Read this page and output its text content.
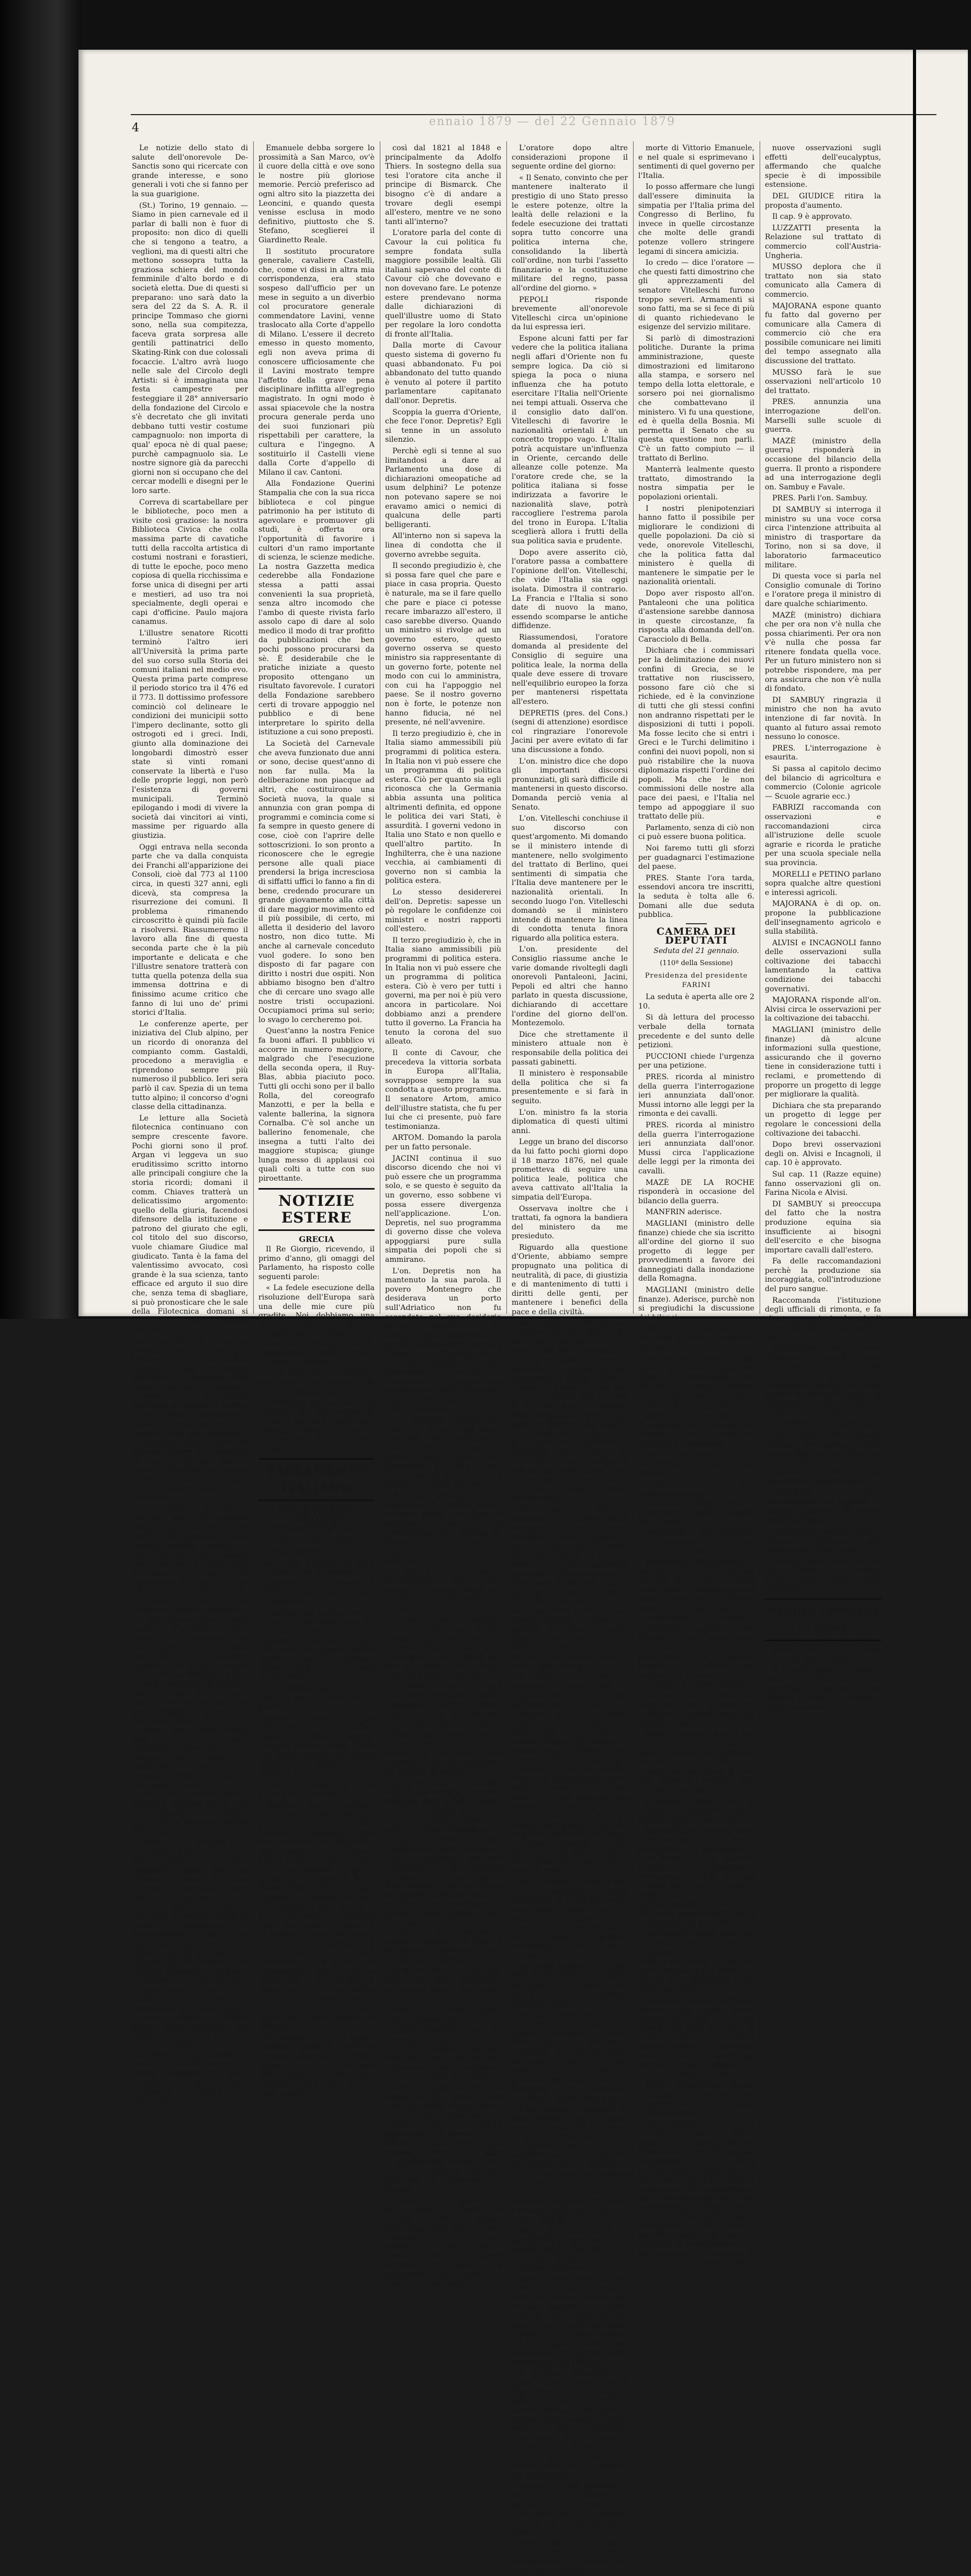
4	ennaio 1879 — del 22 Gennaio 1879

Le notizie dello stato di salute dell'onorevole De-Sanctis sono qui ricercate con grande interesse, e sono generali i voti che si fanno per la sua guarigione.

(St.) Torino, 19 gennaio. — Siamo in pien carnevale ed il parlar di balli non è fuor di proposito: non dico di quelli che si tengono a teatro, a veglioni, ma di questi altri che mettono sossopra tutta la graziosa schiera del mondo femminile d'alto bordo e di società eletta. Due di questi si preparano: uno sarà dato la sera del 22 da S. A. R. il principe Tommaso che giorni sono, nella sua compitezza, faceva grata sorpresa alle gentili pattinatrici dello Skating-Rink con due colossali focaccie. L'altro avrà luogo nelle sale del Circolo degli Artisti: si è immaginata una festa campestre per festeggiare il 28° anniversario della fondazione del Circolo e s'è decretato che gli invitati debbano tutti vestir costume campagnuolo: non importa di qual' epoca nè di qual paese; purchè campagnuolo sia. Le nostre signore già da parecchi giorni non si occupano che del cercar modelli e disegni per le loro sarte.

Correva di scartabellare per le biblioteche, poco men a visite così graziose: la nostra Biblioteca Civica che colla massima parte di cavatiche tutti della raccolta artistica di costumi nostrani e forastieri, di tutte le epoche, poco meno copiosa di quella ricchissima e forse unica di disegni per arti e mestieri, ad uso tra noi specialmente, degli operai e capi d'officine. Paulo majora canamus.

L'illustre senatore Ricotti terminò l'altro ieri all'Università la prima parte del suo corso sulla Storia dei comuni italiani nel medio evo. Questa prima parte comprese il periodo storico tra il 476 ed il 773. Il dottissimo professore cominciò col delineare le condizioni dei municipii sotto l'impero declinante, sotto gli ostrogoti ed i greci. Indi, giunto alla dominazione dei longobardi dimostrò esser state sì vinti romani conservate la libertà e l'uso delle proprie leggi, non però l'esistenza di governi municipali. Terminò epilogando i modi di vivere la società dai vincitori ai vinti, massime per riguardo alla giustizia.

Oggi entrava nella seconda parte che va dalla conquista dei Franchi all'apparizione dei Consoli, cioè dal 773 al 1100 circa, in questi 327 anni, egli dicevà, sta compresa la risurrezione dei comuni. Il problema rimanendo circoscritto è quindi più facile a risolversi. Riassumeremo il lavoro alla fine di questa seconda parte che è la più importante e delicata e che l'illustre senatore tratterà con tutta quella potenza della sua immensa dottrina e di finissimo acume critico che fanno di lui uno de' primi storici d'Italia.

Le conferenze aperte, per iniziativa del Club alpino, per un ricordo di onoranza del compianto comm. Gastaldi, procedono a meraviglia e riprendono sempre più numeroso il pubblico. Ieri sera parlò il cav. Spezia di un tema tutto alpino; il concorso d'ogni classe della cittadinanza.

Le letture alla Società filotecnica continuano con sempre crescente favore. Pochi giorni sono il prof. Argan vi leggeva un suo eruditissimo scritto intorno alle principali congiure che la storia ricordi; domani il comm. Chiaves tratterà un delicatissimo argomento: quello della giuria, facendosi difensore della istituzione e patrono del giurato che egli, col titolo del suo discorso, vuole chiamare Giudice mal giudicato. Tanta è la fama del valentissimo avvocato, così grande è la sua scienza, tanto efficace ed arguto il suo dire che, senza tema di sbagliare, si può pronosticare che le sale della Filotecnica domani si troveranno troppo angusto per l'uditorio.

Domani, 20 fia le sue prime prove, in una festicciola per l'inaugurazione della Cassa pensionati fra caffettieri, confettieri e liquoristi, una banda musicale di sessanta professori, organizzata dall'Amministrazione sociale di detta Cassa. Concerto alle Scribe, inaugurazione della bandiera che sarà presentata al sindaco, distribuzione di diplomi d'onore e... (s'intende che va da sè) gran pranzo sociale. Direttore di questa banda che vuol far meraviglie è il bravissimo maestro G. Conterno.

(X) Venezia, 20 gennaio. — Parlarvi oggi del discorso tenuto una settimana fa dall'on. Maurogònato a' suoi elettori sarebbe proprio un voler arrivare con l'ultima corsa. Voi avete già avuto agio di leggerne il testo e di apprezzare il valore. Io mi limito a dirvi che l'impressione ricevutane dal numeroso uditorio fu ottima e che quel discorso parve, così a quelli che l'ascoltarono, come a quelli che lo lessero poi, uno tra i migliori, tra i più lucidi pronunziati dall'egregio deputato che si può vantare sempre tanta chiarezza d'idee e tanta perspicuità di forma. Il Maurogònato non cerca l'effetto con le frasi sonore; in sua limpida parola è l'estrinsecazione di un luminoso buon senso. Molte delle sue argomentazioni sembrano tanto piane ed evidenti, che talvolta si giurerebbe d'averla già pensata prima ch'egli le esponesse. Fatto si è che non le si aveva pensate punto, perchè le migliori verità e le più semplici sono spesso quelle che si affacciano ultime alla mente.

Continuano i progetti e le discussioni sulla collocazione del monumento a Vittorio Emanuele. Adesso c'è una corrente favorevole al Campo S. Stefano, rafforzata, a quel che sembra, dall'idea che la scelta di quel sito potrebbe agevolare un lavoro edilizio di grande importanza e d'incontestabile utilità, la costruzione cioè di un'ampia e comoda strada che mettesse appunto da S. Marco a S. Stefano, scostando le angustie e tortuose vie che ci sono presentemente. Io non appiano con chi propone la costruzione di questa strada, sebbene si possa fare senza troppo grave sacrificio del comune; credo però che essa si sia necessaria per rendere più bello il monumento, e vorrei che la collocazione di questo monumento non fosse subordinata a ragioni edilizie. Il Campo di S. Stefano è vasto, ma chiuso

Emanuele debba sorgere lo prossimità a San Marco, ov'è il cuore della città e ove sono le nostre più gloriose memorie. Perciò preferisco ad ogni altro sito la piazzetta dei Leoncini, e quando questa venisse esclusa in modo definitivo, piuttosto che S. Stefano, sceglierei il Giardinetto Reale.

Il sostituto procuratore generale, cavaliere Castelli, che, come vi dissi in altra mia corrispondenza, era stato sospeso dall'ufficio per un mese in seguito a un diverbio col procuratore generale commendatore Lavini, venne traslocato alla Corte d'appello di Milano. L'essere il decreto emesso in questo momento, egli non aveva prima di conoscere ufficiosamente che il Lavini mostrato tempre l'affetto della grave pena disciplinare inflitta all'egregio magistrato. In ogni modo è assai spiacevole che la nostra procura generale perda uno dei suoi funzionari più rispettabili per carattere, la cultura e l'ingegno. A sostituirlo il Castelli viene dalla Corte d'appello di Milano il cav. Cantoni.

Alla Fondazione Querini Stampalia che con la sua ricca biblioteca e col pingue patrimonio ha per istituto di agevolare e promuover gli studi, è offerta ora l'opportunità di favorire i cultori d'un ramo importante di scienza, le scienze mediche. La nostra Gazzetta medica cederebbe alla Fondazione stessa a patti assai convenienti la sua proprietà, senza altro incomodo che l'ambo di queste rivista farlo assolo capo di dare al solo medico il modo di trar profitto da pubblicazioni che ben pochi possono procurarsi da sè. È desiderabile che le pratiche iniziate a questo proposito ottengano un risultato favorevole. I curatori della Fondazione sarebbero certi di trovare appoggio nel pubblico e di bene interpretare lo spirito della istituzione a cui sono preposti.

La Società del Carnevale che aveva funzionato due anni or sono, decise quest'anno di non far nulla. Ma la deliberazione non piacque ad altri, che costituirono una Società nuova, la quale si annunzia con gran pompa di programmi e comincia come si fa sempre in questo genere di cose, cioè con l'aprire delle sottoscrizioni. Io son pronto a riconoscere che le egregie persone alle quali piace prendersi la briga incresciosa di siffatti uffici lo fanno a fin di bene, credendo procurare un grande giovamento alla città di dare maggior movimento ed il più possibile, di certo, mi alletta il desiderio del lavoro nostro, non dico tutte. Mi anche al carnevale conceduto vuol godere. Io sono ben disposto di far pagare con diritto i nostri due ospiti. Non abbiamo bisogno ben d'altro che di cercare uno svago alle nostre tristi occupazioni. Occupiamoci prima sul serio; lo svago lo cercheremo poi.

Quest'anno la nostra Fenice fa buoni affari. Il pubblico vi accorre in numero maggiore, malgrado che l'esecuzione della seconda opera, il Ruy-Blas, abbia piaciuto poco. Tutti gli occhi sono per il ballo Rolla, del coreografo Manzotti, e per la bella e valente ballerina, la signora Cornalba. C'è sol anche un ballerino fenomenale, che insegna a tutti l'alto dei maggiore stupisca; giunge lunga messo di applausi coi quali colti a tutte con suo piroettante.

NOTIZIE ESTERE
GRECIA

Il Re Giorgio, ricevendo, il primo d'anno, gli omaggi del Parlamento, ha risposto colle seguenti parole:

« La fedele esecuzione della risoluzione dell'Europa sarà una delle mie cure più gradite. Noi dobbiamo una grande riconoscenza a tutte le potenze pel concorso che ci danno nei negoziati per lo scioglimento della nostra questione nazionale. »

— I riservisti di seconda categoria, nel numero di 4000, furono congedati.

— Sembra che le bande di briganti, che scorrevano le frontiere turche e quelle della Tessaglia, avendo, come da due anni sono ritornarono alla Grecia.

PARLAMENTO ITALIANO
SENATO DEL REGNO
Seduta del 21 gennaio.
PRESIDENZA DEL PRESIDENTE TECCHIO

La seduta è aperta alle ore 2 3/4 colle solite formalità.

Leggesi ed approvasi il processo verbale della tornata antecedente.

L'ordine del giorno reca il seguito dell'interpellanza del senatore Vitelleschi al ministero degli affari esteri sullo stato dei rapporti politici dell'Italia con le potenze estere, e sulla politica estera del governo.

MONTEZEMOLO, primo inscritto, cede la parola all'on. Jacini.

JACINI rende omaggio all'esperienza dell'on. Depretis. Però sull'on. Depretis pesano alcuni dubbi per quanto riflette la politica estera, che bisogna siano dissipati.

L'oratore dichiara che parlerà senza reticenze.

Esistono molti pregiudizi che bisogna siano dissipati, perchè suscitano all'Italia, l'accusa di ambizione. Egli non dubita che l'on. Depretis è che, quando fu al potere l'anno decorso, non fece che far moltiplicare questi pregiudizi. I pregiudizi a cui alludo sono tre: il primo consiste nel considerare l'arte di sistemare e vera quella di dare alla politica dell'Italia come arte piena di tendere e di mistero, mentre nel tempo in cui viviamo è principalmente nella solidarietà e la pratica lo svolgimento della politica estera. Non è ciò che dico in Italia occorra che essa abbia ora grandi obiettivi. Non è meraviglia se lavoravano sempre per essa all'interno ed all'estero.

Illumignoto il paese, l'opinione pubblica non si fa nessuna influenza, e potesse essere superiore all'immigrazione, Oltre che abbiamo Italia del mentre degli uomini di

così dal 1821 al 1848 e principalmente da Adolfo Thiers. In sostegno della sua tesi l'oratore cita anche il principe di Bismarck. Che bisogno c'è di andare a trovare degli esempi all'estero, mentre ve ne sono tanti all'interno?

L'oratore parla del conte di Cavour la cui politica fu sempre fondata sulla maggiore possibile lealtà. Gli italiani sapevano del conte di Cavour ciò che dovevano e non dovevano fare. Le potenze estere prendevano norma dalle dichiarazioni di quell'illustre uomo di Stato per regolare la loro condotta di fronte all'Italia.

Dalla morte di Cavour questo sistema di governo fu quasi abbandonato. Fu poi abbandonato del tutto quando è venuto al potere il partito parlamentare capitanato dall'onor. Depretis.

Scoppia la guerra d'Oriente, che fece l'onor. Depretis? Egli si tenne in un assoluto silenzio.

Perchè egli si tenne al suo limitandosi a dare al Parlamento una dose di dichiarazioni omeopatiche ad usum delphini? Le potenze non potevano sapere se noi eravamo amici o nemici di qualcuna delle parti belligeranti.

All'interno non si sapeva la linea di condotta che il governo avrebbe seguita.

Il secondo pregiudizio è, che si possa fare quel che pare e piace in casa propria. Questo è naturale, ma se il fare quello che pare e piace ci potesse recare imbarazzo all'estero, il caso sarebbe diverso. Quando un ministro si rivolge ad un governo estero, questo governo osserva se questo ministro sia rappresentante di un governo forte, potente nel modo con cui lo amministra, con cui ha l'appoggio nel paese. Se il nostro governo non è forte, le potenze non hanno fiducia, né nel presente, né nell'avvenire.

Il terzo pregiudizio è, che in Italia siamo ammessibili più programmi di politica estera. In Italia non vi può essere che un programma di politica estera. Ciò per quanto sia egli riconosca che la Germania abbia assunta una politica altrimenti definita, ed oppone le politica dei vari Stati, è assurdità. I governi vedono in Italia uno Stato e non quello e quell'altro partito. In Inghilterra, che è una nazione vecchia, ai cambiamenti di governo non si cambia la politica estera.

Lo stesso desidererei dell'on. Depretis: sapesse un pò regolare le confidenze coi ministri e nostri rapporti coll'estero.

Il terzo pregiudizio è, che in Italia siano ammissibili più programmi di politica estera. In Italia non vi può essere che un programma di politica estera. Ciò è vero per tutti i governi, ma per noi è più vero ancora in particolare. Noi dobbiamo anzi a prendere tutto il governo. La Francia ha tenuto la corona del suo alleato.

Il conte di Cavour, che precedeva la vittoria sorbata in Europa all'Italia, sovrappose sempre la sua condotta a questo programma. Il senatore Artom, amico dell'illustre statista, che fu per lui che ci presente, può fare testimonianza.

ARTOM. Domando la parola per un fatto personale.

JACINI continua il suo discorso dicendo che noi vi può essere che un programma solo, e se questo è seguito da un governo, esso sobbene vi possa essere divergenza nell'applicazione. L'on. Depretis, nel suo programma di governo disse che voleva appoggiarsi pure sulla simpatia dei popoli che si ammirano.

L'on. Depretis non ha mantenuto la sua parola. Il povero Montenegro che desiderava un porto sull'Adriatico non fu secondato nel suo desiderio dall'on. Depretis. E gli albanesi che si ricordavano di quella dichiarazione, appena l'osservatore Depretis venne al potere mandarono delle liberazioni associazione credendo di trovare un intercessore nell'on. Depretis. (Ilarità) Ma anche essi si videro ingannati.

La condotta tenuta dal ministero durante gli affari d'Oriente fece scapitare il credito d'Italia all'estero. Il conte Corti potè nel Congresso di Berlino non poteva fare di più perchè era inferiore la camicia di Nesso.

Noi oggi entriamo in una nuova fase di politica estera; occorre perciò una grande vigilanza, perchè la conseguenza del trattato di Berlino potrebbero prendere degli sviluppi uno diverso dall'altro.

Io spero che l'on. presidente del Consiglio e gli on. miei colleghi si saranno accorti che io non parlo per spirito di partito.

L'unico mio desiderio, l'unica ragione che mi ha mosso a fare questo discorso è di vedere l'Italia potente e sia posta per la sua strada per fino le nazioni civili. (Segni generali d'approvazione)

ARTOM (per fatto personale) conferma le parole pronunziate dall'on. Jacini circa la linea di condotta seguita dal conte di Cavour.

Non può sapere quale politica avrebbe seguito il conte di Cavour nelle questioni orientali terminate col trattato di Berlino.

Sa però quello che avrebbe fatto il suo partito, sappiamo della sua linea di fede, a quale il conte di Cavour si sarebbe trovato se fosse ritornato al potere in queste circostanze.

Il governo stesso incoraggia a migliorare delle condizioni delle popolazioni cristiane nell'Oriente ed avrebbe proposto il mantenimento dell'equilibrio europeo. Dopo la guerra avrebbe fatto il possibile per conciliare le ragioni della politica che avevano interessato nell'Oriente. In tal maniera si sarebbe conciliata la stima e la simpatia dell'Europa e del mondo civile. (Bene)

CARACCIOLO DI BELLA. Parla per fatto personale, replicando alcune idee svolte ieri.

PRES. La parola spetta all'on. Montezemolo.

MONTEZEMOLO (segni di attenzione) dice di avere aspettato i discorsi principali fatti dai suoi colleghi per concentrare una risoluzione che sia accettata dal Senato.

Avendo appreso che si ferisce da ogni parte in soli affari di politica estera, insiste perciò nella seduta contro il rappresentante della diplomazia e le provò il voto unanime che venne del Senato, e ritenendo che tutte lo accettazione, voleva invero che la diplomazia provveda dell'Italia al Congresso di Berlino.

L'oratore spera quindi che gli appoggio si cerchi ed accetti un ordine del giorno che rivela che non si può mantenere ragguardevoli vedute di tutto lo stato, benchè infine ai potere verranno di Berlino. Ad infrangere ogni cosa al minimo dei suoi saluti dei

L'oratore dopo altre considerazioni propone il seguente ordine del giorno:

« Il Senato, convinto che per mantenere inalterato il prestigio di uno Stato presso le estere potenze, oltre la lealtà delle relazioni e la fedele esecuzione dei trattati sopra tutto concorre una politica interna che, consolidando la libertà coll'ordine, non turbi l'assetto finanziario e la costituzione militare del regno, passa all'ordine del giorno. »

PEPOLI risponde brevemente all'onorevole Vitelleschi circa un'opinione da lui espressa ieri.

Espone alcuni fatti per far vedere che la politica italiana negli affari d'Oriente non fu sempre logica. Da ciò si spiega la poca o niuna influenza che ha potuto esercitare l'Italia nell'Oriente nei tempi attuali. Osserva che il consiglio dato dall'on. Vitelleschi di favorire le nazionalità orientali è un concetto troppo vago. L'Italia potrà acquistare un'influenza in Oriente, cercando delle alleanze colle potenze. Ma l'oratore crede che, se la politica italiana si fosse indirizzata a favorire le nazionalità slave, potrà raccogliere l'estrema parola del trono in Europa. L'Italia sceglierà allora i frutti della sua politica savia e prudente.

Dopo avere asserito ciò, l'oratore passa a combattere l'opinione dell'on. Vitelleschi, che vide l'Italia sia oggi isolata. Dimostra il contrario. La Francia e l'Italia si sono date di nuovo la mano, essendo scomparse le antiche diffidenze.

Riassumendosi, l'oratore domanda al presidente del Consiglio di seguire una politica leale, la norma della quale deve essere di trovare nell'equilibrio europeo la forza per mantenersi rispettata all'estero.

DEPRETIS (pres. del Cons.) (segni di attenzione) esordisce col ringraziare l'onorevole Jacini per avere evitato di far una discussione a fondo.

L'on. ministro dice che dopo gli importanti discorsi pronunziati, gli sarà difficile di mantenersi in questo discorso. Domanda perciò venia al Senato.

L'on. Vitelleschi conchiuse il suo discorso con quest'argomento. Mi domando se il ministero intende di mantenere, nello svolgimento del trattato di Berlino, quei sentimenti di simpatia che l'Italia deve mantenere per le nazionalità orientali. In secondo luogo l'on. Vitelleschi domandò se il ministero intende di mantenere la linea di condotta tenuta finora riguardo alla politica estera.

L'on. presidente del Consiglio riassume anche le varie domande rivoltegli dagli onorevoli Pantaleoni, Jacini, Pepoli ed altri che hanno parlato in questa discussione, dichiarando di accettare l'ordine del giorno dell'on. Montezemolo.

Dice che strettamente il ministero attuale non è responsabile della politica dei passati gabinetti.

Il ministero è responsabile della politica che si fa presentemente e si farà in seguito.

L'on. ministro fa la storia diplomatica di questi ultimi anni.

Legge un brano del discorso da lui fatto pochi giorni dopo il 18 marzo 1876, nel quale prometteva di seguire una politica leale, politica che aveva cattivato all'Italia la simpatia dell'Europa.

Osservava inoltre che i trattati, fa ognora la bandiera del ministero da me presieduto.

Riguardo alla questione d'Oriente, abbiamo sempre propugnato una politica di neutralità, di pace, di giustizia e di mantenimento di tutti i diritti delle genti, per mantenere i benefici della pace e della civiltà.

Non entrerà nell'opinione espressa dall'on. Jacini, che cioè, in Italia non vi possa essere che un programma di politica estera. Io così generale è d'accordo con lui, però non può l'Italia restare e invece consolidarsi in un solo partito di sé per uno dei suoi di cui il suo paese, è il modo. Fatta questa digressione, l'on. ministro dichiara che quando il ministero disse di propugnare una politica di neutralità non intendeva di rimanere in una politica di astensione come disse l'on. Pantaleoni. Le nostre politiche è stata sempre quella dell'astensione.

Essa fu di assoluta neutralità, continuamente conforme alle nostre tradizioni. Quando io lasciai il potere nel 1878, l'Italia conservava verso le potenze estere le più amichevoli relazioni, e tutto prometteva il Congresso di Berlino. L'Italia nel seguito del trattato, oltre che l'acquisto di territori, aveva garantito i diritti di quei popoli, simpatia per parte dei governi. In tutta la nostra politica non avrà recato pregiudizio che dà alla politica dell'Italia la maggior nota e delle le più sincere.

Il conte Corti cercò di sostenere i suoi diritti di rivendicazione, e che allodesse ad una politica di avventure e di annessioni. L'on. Vitelleschi disse che l'Italia non ebbe sempre la stessa politica. Mi ricordò la nostra guerra di Crimea e col trattato di Parigi del 1856, per concludere che la politica d'allora fu abbandonata da tre anni a questa parte. L'on. ministro rende omaggio alla politica del conte di Cavour, ma fa osservare che il tempo vedeva non quella d'ora, che la politica del conte di Cavour si fosse applicata a due principi, era la stessa politica, cioè quella di mantenere la fede dei trattati.

L'on. ministro eriesse l'agir e la neutralità anche nell'Egitto, le politiche furono necessarie tanto con la Francia quanto con l'Inghilterra, anche alle spese del nemico, politica vantaggiosa, al vostro sì la potenza.

Di quella politica che ebbe l'Italia nel 1859 e nel 1866, ma come fa osservare l'on. Jacini, che fu la politica dell'opportunità.

Che cosa rimaneva da fare all'Italia allo scoppio della guerra d'Oriente? L'Italia doveva stare in un accordo di neutralità. Londra fu l'unica che trovò una riserva. L'Italia, scoppiata la guerra, cercò il possibile per localizzarla e di sostenere le beneficio incontro le favore della pace.

L'on. ministro accenna ai varii disegni che si erano sparsi sul conto del ministero; si era detto che noi eravamo rassegnati, si era detto che il ministero aveva fatto di tutto per guadagnare le simpatie e si disse che non v'era politica nel sentire. Noi ci eravamo detto che conservare colle simpatie leggeva di nuovo l'Albania colla mia salute al potere (Ilarità).

Dopo ciò l'oratore fa la storia della politica tenuta dal suo ministero, ma tutto dice che non meritano che le suddette e dispresso.

L'on. ministro cita il fatto della dimostrazione fatta a Sofia al nostro console per essere appunto le nostre politiche al volere di tali popoli, per quelle politiche, dimostra che la nostra politica fu in Bulgaria. Questo per dimostrare la simpatia delle popolazioni per l'Italia.

Il senatore Vitelleschi ha citato le visite degli imperatori di Germania e d'Austria in Italia, ma anche il nostro Sovrano era stato a visitare quei sovrani ed ebbe anche una simpatica accoglienza. Tutti e sono a questo punto di amicizia ed amicizia dell'Italia dalle altre nazioni. Stati in. I momenti più eran pacifici.

Quando l'Italia perdette il suo Re tutti i sovrani e i governi mandarono rappresentanti ai solenni funerali che si celebrarono in Roma.

Il Santo Padre, in seguito al suo spaccio del nostro ambasciatore a Berlino che parlò della morte di

morte di Vittorio Emanuele, e nel quale si esprimevano i sentimenti di quel governo per l'Italia.

Io posso affermare che lungi dall'essere diminuita la simpatia per l'Italia prima del Congresso di Berlino, fu invece in quelle circostanze che molte delle grandi potenze vollero stringere legami di sincera amicizia.

Io credo — dice l'oratore — che questi fatti dimostrino che gli apprezzamenti del senatore Vitelleschi furono troppo severi. Armamenti si sono fatti, ma se si fece di più di quanto richiedevano le esigenze del servizio militare.

Si parlò di dimostrazioni politiche. Durante la prima amministrazione, queste dimostrazioni ed limitarono alla stampa, e sorsero nel tempo della lotta elettorale, e sorsero poi nei giornalismo che combattevano il ministero. Vi fu una questione, ed è quella della Bosnia. Mi permetta il Senato che su questa questione non parli. C'è un fatto compiuto — il trattato di Berlino.

Manterrà lealmente questo trattato, dimostrando la nostra simpatia per le popolazioni orientali.

I nostri plenipotenziari hanno fatto il possibile per migliorare le condizioni di quelle popolazioni. Da ciò si vede, onorevole Vitelleschi, che la politica fatta dal ministero è quella di mantenere le simpatie per le nazionalità orientali.

Dopo aver risposto all'on. Pantaleoni che una politica d'astensione sarebbe dannosa in queste circostanze, fa risposta alla domanda dell'on. Caracciolo di Bella.

Dichiara che i commissari per la delimitazione dei nuovi confini di Grecia, se le trattative non riuscissero, possono fare ciò che si richiede, ed è la convinzione di tutti che gli stessi confini non andranno rispettati per le disposizioni di tutti i popoli. Ma fosse lecito che si entri i Greci e le Turchi delimitino i confini dei nuovi popoli, non si può ristabilire che la nuova diplomazia rispetti l'ordine dei popoli. Ma che le non commissioni delle nostre alla pace dei paesi, e l'Italia nel tempo ad appoggiare il suo trattato delle più.

Parlamento, senza di ciò non ci può essere buona politica.

Noi faremo tutti gli sforzi per guadagnarci l'estimazione del paese.

PRES. Stante l'ora tarda, essendovi ancora tre inscritti, la seduta è tolta alle 6. Domani alle due seduta pubblica.

CAMERA DEI DEPUTATI
Seduta del 21 gennaio.
(110ª della Sessione)
Presidenza del presidente FARINI

La seduta è aperta alle ore 2 10.

Si dà lettura del processo verbale della tornata precedente e del sunto delle petizioni.

PUCCIONI chiede l'urgenza per una petizione.

PRES. ricorda al ministro della guerra l'interrogazione ieri annunziata dall'onor. Mussi intorno alle leggi per la rimonta e dei cavalli.

PRES. ricorda al ministro della guerra l'interrogazione ieri annunziata dall'onor. Mussi circa l'applicazione delle leggi per la rimonta dei cavalli.

MAZÈ DE LA ROCHE risponderà in occasione del bilancio della guerra.

MANFRIN aderisce.

MAGLIANI (ministro delle finanze) chiede che sia iscritto all'ordine del giorno il suo progetto di legge per provvedimenti a favore dei danneggiati dalla inondazione della Romagna.

MAGLIANI (ministro delle finanze). Aderisce, purchè non si pregiudichi la discussione dei bilanci.

PRES. Ciò s'intende. Il progetto si scriverà all'ordine del giorno.

BACCARINI (ministro dei lavori pubblici) risponderà dopo la discussione del bilancio dei lavori pubblici all'interrogazione dell'on. Runzi sui lavori del Tevere.

PRES. Si procede alla discussione del bilancio del ministero di agricoltura, industria e commercio.

Si approvano senza osservazioni i primi 11 capitoli.

SELLA. per una raccomandazione all'onorevole ministro per la estensione della pianta Eucalyptus.

MAROLDA e DEL GIUDICE si associano a questa raccomandazione.

MAJORANA-CALATABIANO (ministro di agricoltura) dichiara di tenere il debito conto delle raccomandazioni fatte, ed aver già fatto quanto stava in lui per la propagazione di quella pianta.

SALVINO crede che l'Eucalyptus non possa avere larga estensione perchè non prenderebbe di ragione, possibile di produrre ogni terreno, ed in campagna non ha bisogno d'essere sorretto.

La sua teoria è, che quei lavori non regge la spesa per applicare a quella pianta agli impegni finanziari.

PRES. ricorda i luoghi nei quali con grandi risultati quella pianta fu applicata. Dice che ve ne sono 36 specie e crede che di alcune di esse non possono proprio fare bisogno d'appoggio.

L'oratore raccomanda al ministro di conservare della propagazione di quella pianta.

SALVINO dice che nell'Italia settentrionale e media quella pianta non può prosperare, e non crede che vi sarebbe bisogno di occuparsene severamente, e ben si potrà potesse dare utili risultati. I proprietari dell'applicarebbero ad loro interesse, senza bisogno degli eccitamenti del governo.

MARCORA-PRISLI dice che vi sono delle specie di eucalyptus pronte a propagarsi anche in alcune delle migliori parti d'Italia e che la loro estensione è un problema d'igiene.

CORBIN ammette coll'onor. Manfrin che ogni specie d'eucalyptus non si presti egualmente bene nel clima di Italia. Tuttavia, quando non si potesse ottenere un beneficio anche dagli eucalyptus, sarebbe essere rimanere il reale, dell'Italia meridionale.

PRES. SALVATORE Savini conviene la provvista per l'applicazione dell'eucalyptus e i suoi benefici.

MANDARINO (relatore) riconosce i benefici di quella pianta, ma dichiara che la Commissione non ha potuto occuparsene della propagazione di quella pianta. La Commissione ha creduto di aumentare lo stanziamento per la bonifica delle terre che inondazioni e le grandi acque, e per la propagazione delle piantagioni forestali e ancora piu che quelle che per le difficoltà si manifestano in un tale progetto, la quale per le relative della sezione della Camera.

nuove osservazioni sugli effetti dell'eucalyptus, affermando che qualche specie è di impossibile estensione.

DEL GIUDICE ritira la proposta d'aumento.

Il cap. 9 è approvato.

LUZZATTI presenta la Relazione sul trattato di commercio coll'Austria-Ungheria.

MUSSO deplora che il trattato non sia stato comunicato alla Camera di commercio.

MAJORANA espone quanto fu fatto dal governo per comunicare alla Camera di commercio ciò che era possibile comunicare nei limiti del tempo assegnato alla discussione del trattato.

MUSSO farà le sue osservazioni nell'articolo 10 del trattato.

PRES. annunzia una interrogazione dell'on. Marselli sulle scuole di guerra.

MAZÈ (ministro della guerra) risponderà in occasione del bilancio della guerra. Il pronto a rispondere ad una interrogazione degli on. Sambuy e Favale.

PRES. Parli l'on. Sambuy.

DI SAMBUY si interroga il ministro su una voce corsa circa l'intenzione attribuita al ministro di trasportare da Torino, non si sa dove, il laboratorio farmaceutico militare.

Di questa voce si parla nel Consiglio comunale di Torino e l'oratore prega il ministro di dare qualche schiarimento.

MAZÈ (ministro) dichiara che per ora non v'è nulla che possa chiarimenti. Per ora non v'è nulla che possa far ritenere fondata quella voce. Per un futuro ministero non si potrebbe rispondere, ma per ora assicura che non v'è nulla di fondato.

DI SAMBUY ringrazia il ministro che non ha avuto intenzione di far novità. In quanto al futuro assai remoto nessuno lo conosce.

PRES. L'interrogazione è esaurita.

Si passa al capitolo decimo del bilancio di agricoltura e commercio (Colonie agricole — Scuole agrarie ecc.)

FABRIZI raccomanda con osservazioni e raccomandazioni circa all'istruzione delle scuole agrarie e ricorda le pratiche per una scuola speciale nella sua provincia.

MORELLI e PETINO parlano sopra qualche altre questioni e interessi agricoli.

MAJORANA è di op. on. propone la pubblicazione dell'insegnamento agricolo e sulla stabilità.

ALVISI e INCAGNOLI fanno delle osservazioni sulla coltivazione dei tabacchi lamentando la cattiva condizione dei tabacchi governativi.

MAJORANA risponde all'on. Alvisi circa le osservazioni per la coltivazione dei tabacchi.

MAGLIANI (ministro delle finanze) dà alcune informazioni sulla questione, assicurando che il governo tiene in considerazione tutti i reclami, e promettendo di proporre un progetto di legge per migliorare la qualità.

Dichiara che sta preparando un progetto di legge per regolare le concessioni della coltivazione dei tabacchi.

Dopo brevi osservazioni degli on. Alvisi e Incagnoli, il cap. 10 è approvato.

Sul cap. 11 (Razze equine) fanno osservazioni gli on. Farina Nicola e Alvisi.

DI SAMBUY si preoccupa del fatto che la nostra produzione equina sia insufficiente ai bisogni dell'esercito e che bisogna importare cavalli dall'estero.

Fa delle raccomandazioni perchè la produzione sia incoraggiata, coll'introduzione del puro sangue.

Raccomanda l'istituzione degli ufficiali di rimonta, e fa altre osservazioni sul modo di dare sviluppo alla produzione equina.

MAJORANA crede la nuova istituzione provochi assai della questione e che tutti gli sforzi del governo al produzione equina, la quale perchè si ottenga lo scopo di sviluppare sempre più la produzione nazionale.

Il capitolo 11 è approvato.

Sul capitolo 12 (Boschi) parlando della pianta e della cultura del governo, dice che le osservazioni sopra le coltivazioni forestali e della materia dei rimboschimenti.

CORDOVA fa delle considerazioni sul capitolo 12 (boschi), parlando della pianta dell'Eucalyptus.

MAJORANA sostiene che il governo provvede allo svolgimento della pianta.

CANDEVANO parla di una fiera forestale e relativa approvazione della legge forestale.

PICCOLO CORRIERE DI ROMA

Questa sera, 21, vi sarà pranzo di gala a Corte.

Il freddo tenne ieri sera in casa la più parte dei consiglieri comunali, che soccorsi una seduta in numero legale sospesero
